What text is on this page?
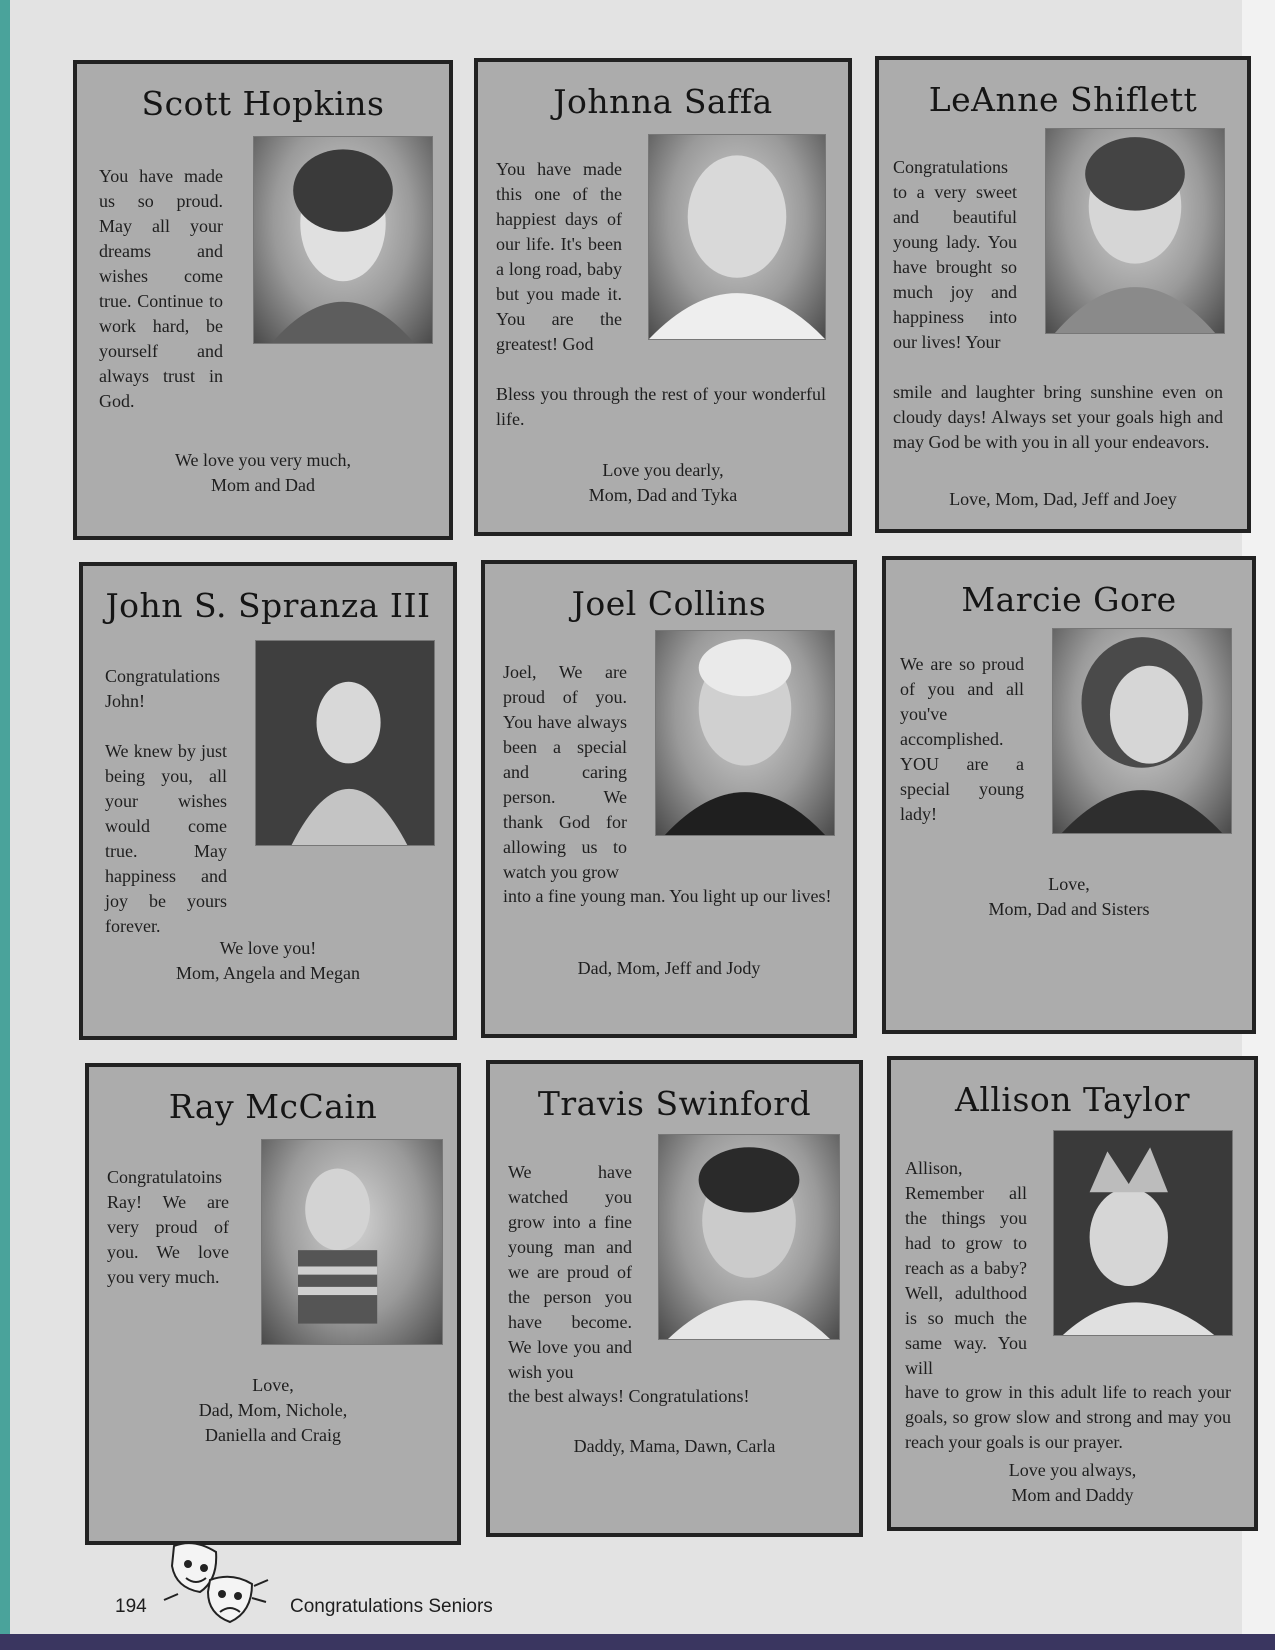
Scott Hopkins
You have made us so proud. May all your dreams and wishes come true. Continue to work hard, be yourself and always trust in God.
We love you very much,
Mom and Dad
Johnna Saffa
You have made this one of the happiest days of our life. It's been a long road, baby but you made it. You are the greatest! God
Bless you through the rest of your wonderful life.
Love you dearly,
Mom, Dad and Tyka
LeAnne Shiflett
Congratulations to a very sweet and beautiful young lady. You have brought so much joy and happiness into our lives! Your
smile and laughter bring sunshine even on cloudy days! Always set your goals high and may God be with you in all your endeavors.
Love, Mom, Dad, Jeff and Joey
John S. Spranza III
Congratulations John!
We knew by just being you, all your wishes would come true. May happiness and joy be yours forever.
We love you!
Mom, Angela and Megan
Joel Collins
Joel, We are proud of you. You have always been a special and caring person. We thank God for allowing us to watch you grow
into a fine young man. You light up our lives!
Dad, Mom, Jeff and Jody
Marcie Gore
We are so proud of you and all you've accomplished. YOU are a special young lady!
Love,
Mom, Dad and Sisters
Ray McCain
Congratulatoins Ray! We are very proud of you. We love you very much.
Love,
Dad, Mom, Nichole,
Daniella and Craig
Travis Swinford
We have watched you grow into a fine young man and we are proud of the person you have become. We love you and wish you
the best always! Congratulations!
Daddy, Mama, Dawn, Carla
Allison Taylor
Allison, Remember all the things you had to grow to reach as a baby? Well, adulthood is so much the same way. You will
have to grow in this adult life to reach your goals, so grow slow and strong and may you reach your goals is our prayer.
Love you always,
Mom and Daddy
194	Congratulations Seniors
